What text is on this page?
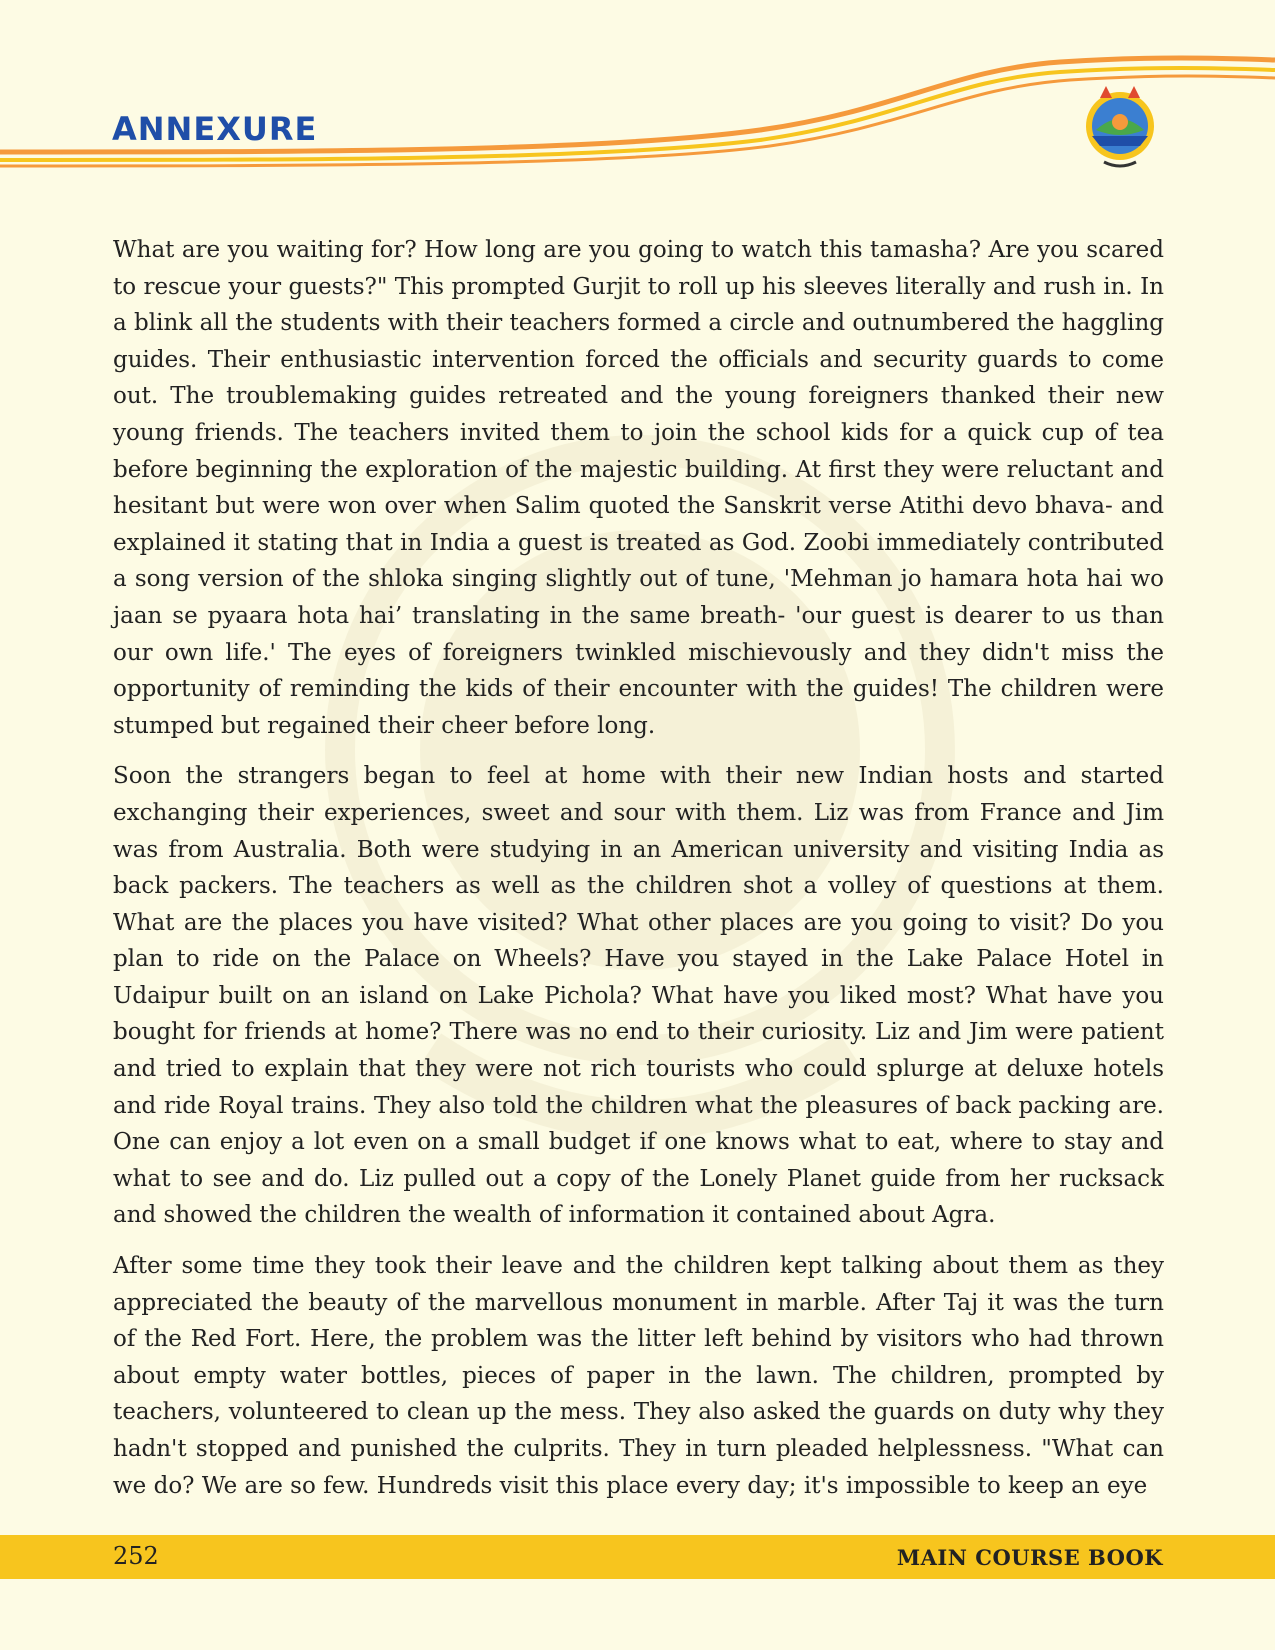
ANNEXURE

What are you waiting for? How long are you going to watch this tamasha? Are you scared to rescue your guests?" This prompted Gurjit to roll up his sleeves literally and rush in. In a blink all the students with their teachers formed a circle and outnumbered the haggling guides. Their enthusiastic intervention forced the officials and security guards to come out. The troublemaking guides retreated and the young foreigners thanked their new young friends. The teachers invited them to join the school kids for a quick cup of tea before beginning the exploration of the majestic building. At first they were reluctant and hesitant but were won over when Salim quoted the Sanskrit verse Atithi devo bhava- and explained it stating that in India a guest is treated as God. Zoobi immediately contributed a song version of the shloka singing slightly out of tune, 'Mehman jo hamara hota hai wo jaan se pyaara hota hai’ translating in the same breath- 'our guest is dearer to us than our own life.' The eyes of foreigners twinkled mischievously and they didn't miss the opportunity of reminding the kids of their encounter with the guides! The children were stumped but regained their cheer before long.

Soon the strangers began to feel at home with their new Indian hosts and started exchanging their experiences, sweet and sour with them. Liz was from France and Jim was from Australia. Both were studying in an American university and visiting India as back packers. The teachers as well as the children shot a volley of questions at them. What are the places you have visited? What other places are you going to visit? Do you plan to ride on the Palace on Wheels? Have you stayed in the Lake Palace Hotel in Udaipur built on an island on Lake Pichola? What have you liked most? What have you bought for friends at home? There was no end to their curiosity. Liz and Jim were patient and tried to explain that they were not rich tourists who could splurge at deluxe hotels and ride Royal trains. They also told the children what the pleasures of back packing are. One can enjoy a lot even on a small budget if one knows what to eat, where to stay and what to see and do. Liz pulled out a copy of the Lonely Planet guide from her rucksack and showed the children the wealth of information it contained about Agra.

After some time they took their leave and the children kept talking about them as they appreciated the beauty of the marvellous monument in marble. After Taj it was the turn of the Red Fort. Here, the problem was the litter left behind by visitors who had thrown about empty water bottles, pieces of paper in the lawn. The children, prompted by teachers, volunteered to clean up the mess. They also asked the guards on duty why they hadn't stopped and punished the culprits. They in turn pleaded helplessness. "What can we do? We are so few. Hundreds visit this place every day; it's impossible to keep an eye

252	MAIN COURSE BOOK
